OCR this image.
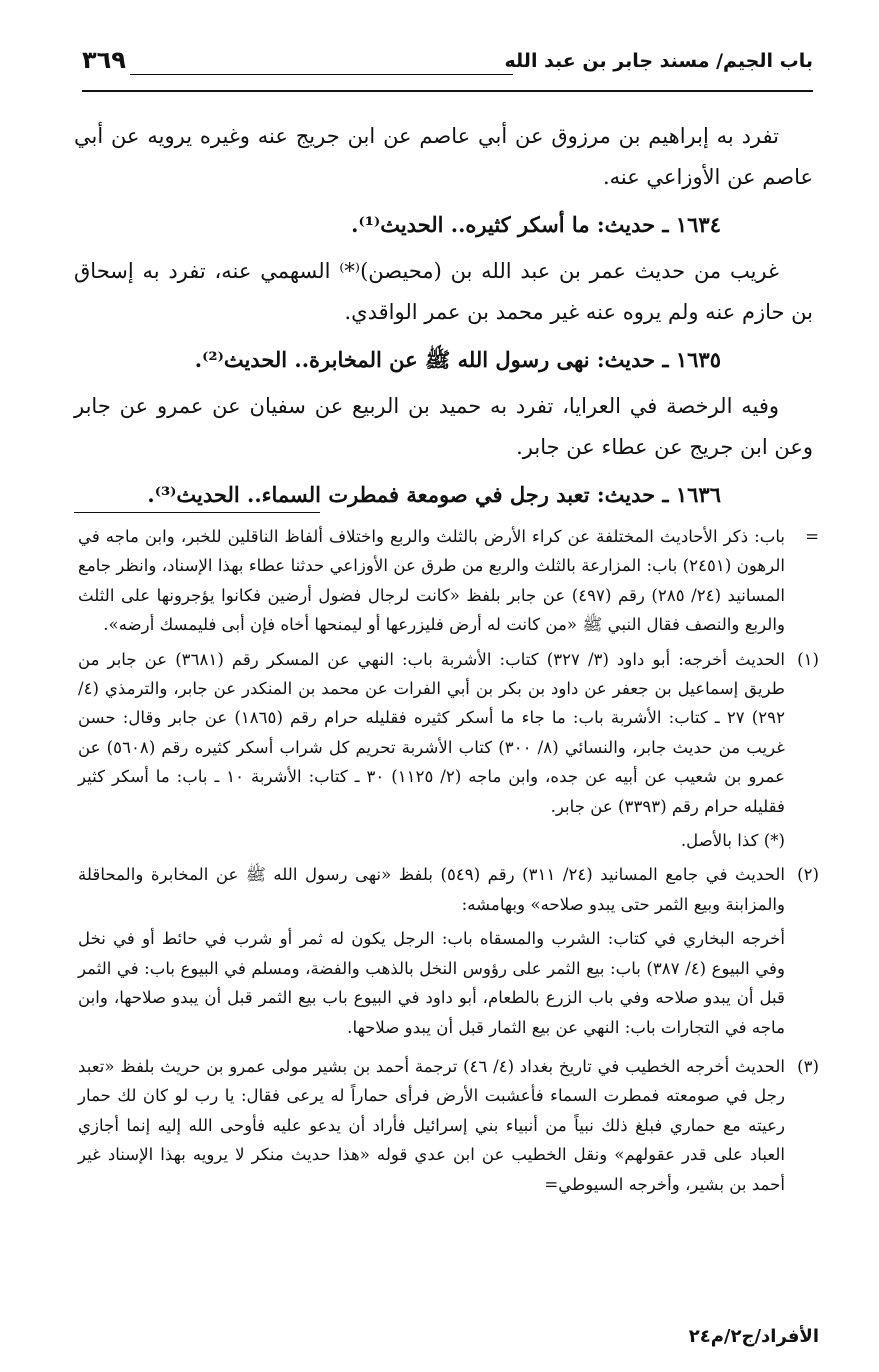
باب الجيم/ مسند جابر بن عبد الله
٣٦٩

تفرد به إبراهيم بن مرزوق عن أبي عاصم عن ابن جريج عنه وغيره يرويه عن أبي عاصم عن الأوزاعي عنه.

١٦٣٤ ـ حديث: ما أسكر كثيره.. الحديث⁽¹⁾.

غريب من حديث عمر بن عبد الله بن (محيصن)⁽*⁾ السهمي عنه، تفرد به إسحاق بن حازم عنه ولم يروه عنه غير محمد بن عمر الواقدي.

١٦٣٥ ـ حديث: نهى رسول الله ﷺ عن المخابرة.. الحديث⁽²⁾.

وفيه الرخصة في العرايا، تفرد به حميد بن الربيع عن سفيان عن عمرو عن جابر وعن ابن جريج عن عطاء عن جابر.

١٦٣٦ ـ حديث: تعبد رجل في صومعة فمطرت السماء.. الحديث⁽³⁾.

=
باب: ذكر الأحاديث المختلفة عن كراء الأرض بالثلث والربع واختلاف ألفاظ الناقلين للخبر، وابن ماجه في الرهون (٢٤٥١) باب: المزارعة بالثلث والربع من طرق عن الأوزاعي حدثنا عطاء بهذا الإسناد، وانظر جامع المسانيد (٢٤/ ٢٨٥) رقم (٤٩٧) عن جابر بلفظ «كانت لرجال فضول أرضين فكانوا يؤجرونها على الثلث والربع والنصف فقال النبي ﷺ «من كانت له أرض فليزرعها أو ليمنحها أخاه فإن أبى فليمسك أرضه».
(١)
الحديث أخرجه: أبو داود (٣/ ٣٢٧) كتاب: الأشربة باب: النهي عن المسكر رقم (٣٦٨١) عن جابر من طريق إسماعيل بن جعفر عن داود بن بكر بن أبي الفرات عن محمد بن المنكدر عن جابر، والترمذي (٤/ ٢٩٢) ٢٧ ـ كتاب: الأشربة باب: ما جاء ما أسكر كثيره فقليله حرام رقم (١٨٦٥) عن جابر وقال: حسن غريب من حديث جابر، والنسائي (٨/ ٣٠٠) كتاب الأشربة تحريم كل شراب أسكر كثيره رقم (٥٦٠٨) عن عمرو بن شعيب عن أبيه عن جده، وابن ماجه (٢/ ١١٢٥) ٣٠ ـ كتاب: الأشربة ١٠ ـ باب: ما أسكر كثير فقليله حرام رقم (٣٣٩٣) عن جابر.
(*) كذا بالأصل.
(٢)

الحديث في جامع المسانيد (٢٤/ ٣١١) رقم (٥٤٩) بلفظ «نهى رسول الله ﷺ عن المخابرة والمحاقلة والمزابنة وبيع الثمر حتى يبدو صلاحه» وبهامشه:

أخرجه البخاري في كتاب: الشرب والمسقاه باب: الرجل يكون له ثمر أو شرب في حائط أو في نخل وفي البيوع (٤/ ٣٨٧) باب: بيع الثمر على رؤوس النخل بالذهب والفضة، ومسلم في البيوع باب: في الثمر قبل أن يبدو صلاحه وفي باب الزرع بالطعام، أبو داود في البيوع باب بيع الثمر قبل أن يبدو صلاحها، وابن ماجه في التجارات باب: النهي عن بيع الثمار قبل أن يبدو صلاحها.

(٣)
الحديث أخرجه الخطيب في تاريخ بغداد (٤/ ٤٦) ترجمة أحمد بن بشير مولى عمرو بن حريث بلفظ «تعبد رجل في صومعته فمطرت السماء فأعشبت الأرض فرأى حماراً له يرعى فقال: يا رب لو كان لك حمار رعيته مع حماري فبلغ ذلك نبياً من أنبياء بني إسرائيل فأراد أن يدعو عليه فأوحى الله إليه إنما أجازي العباد على قدر عقولهم» ونقل الخطيب عن ابن عدي قوله «هذا حديث منكر لا يرويه بهذا الإسناد غير أحمد بن بشير، وأخرجه السيوطي=
الأفراد/ج٢/م٢٤
